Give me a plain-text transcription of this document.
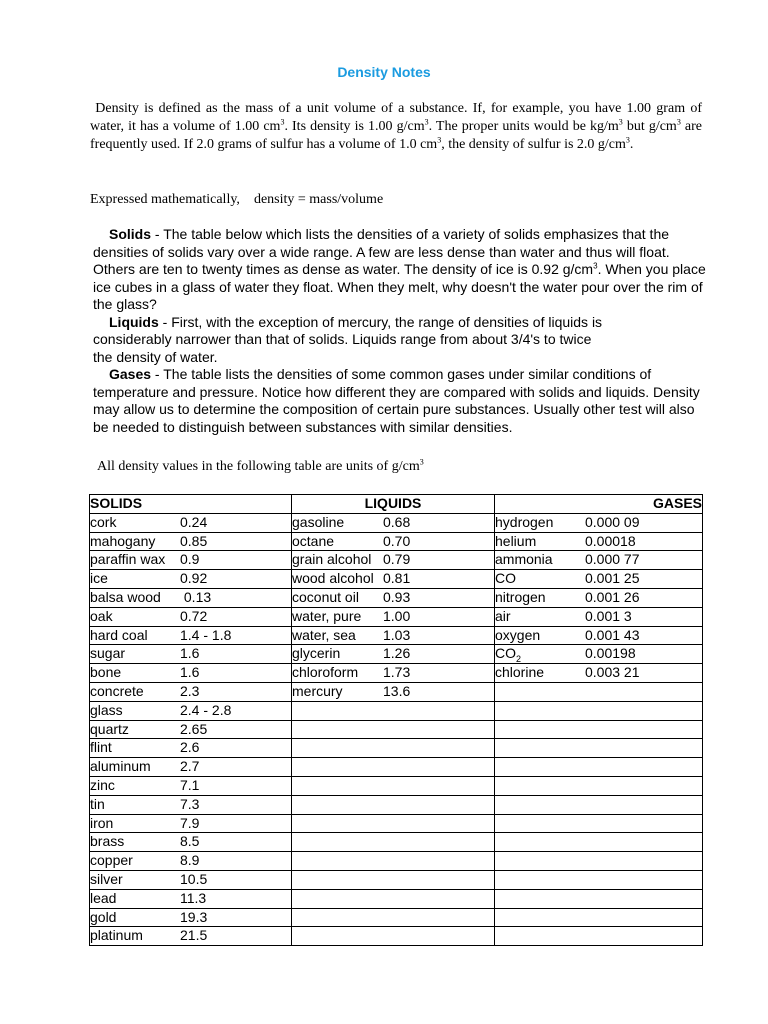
Density Notes
Density is defined as the mass of a unit volume of a substance. If, for example, you have 1.00 gram of water, it has a volume of 1.00 $cm^3$. Its density is 1.00 $g/cm^3$. The proper units would be $kg/m^3$ but $g/cm^3$ are frequently used. If 2.0 grams of sulfur has a volume of 1.0 $cm^3$, the density of sulfur is 2.0 $g/cm^3$.
Expressed mathematically, density = mass/volume
Solids - The table below which lists the densities of a variety of solids emphasizes that the densities of solids vary over a wide range. A few are less dense than water and thus will float. Others are ten to twenty times as dense as water. The density of ice is 0.92 $g/cm^3$. When you place ice cubes in a glass of water they float. When they melt, why doesn't the water pour over the rim of the glass?
Liquids - First, with the exception of mercury, the range of densities of liquids is
considerably narrower than that of solids. Liquids range from about 3/4's to twice
the density of water.
Gases - The table lists the densities of some common gases under similar conditions of temperature and pressure. Notice how different they are compared with solids and liquids. Density may allow us to determine the composition of certain pure substances. Usually other test will also be needed to distinguish between substances with similar densities.
All density values in the following table are units of $g/cm^3$
SOLIDS	LIQUIDS	GASES
cork 0.24	gasoline 0.68	hydrogen 0.000 09
mahogany 0.85	octane 0.70	helium 0.00018
paraffin wax 0.9	grain alcohol 0.79	ammonia 0.000 77
ice 0.92	wood alcohol 0.81	CO 0.001 25
balsa wood 0.13	coconut oil 0.93	nitrogen 0.001 26
oak 0.72	water, pure 1.00	air 0.001 3
hard coal 1.4 - 1.8	water, sea 1.03	oxygen 0.001 43
sugar 1.6	glycerin 1.26	$CO_2$ 0.00198
bone 1.6	chloroform 1.73	chlorine 0.003 21
concrete 2.3	mercury 13.6	
glass 2.4 - 2.8		
quartz 2.65		
flint 2.6		
aluminum 2.7		
zinc 7.1		
tin 7.3		
iron 7.9		
brass 8.5		
copper 8.9		
silver 10.5		
lead 11.3		
gold 19.3		
platinum 21.5		
